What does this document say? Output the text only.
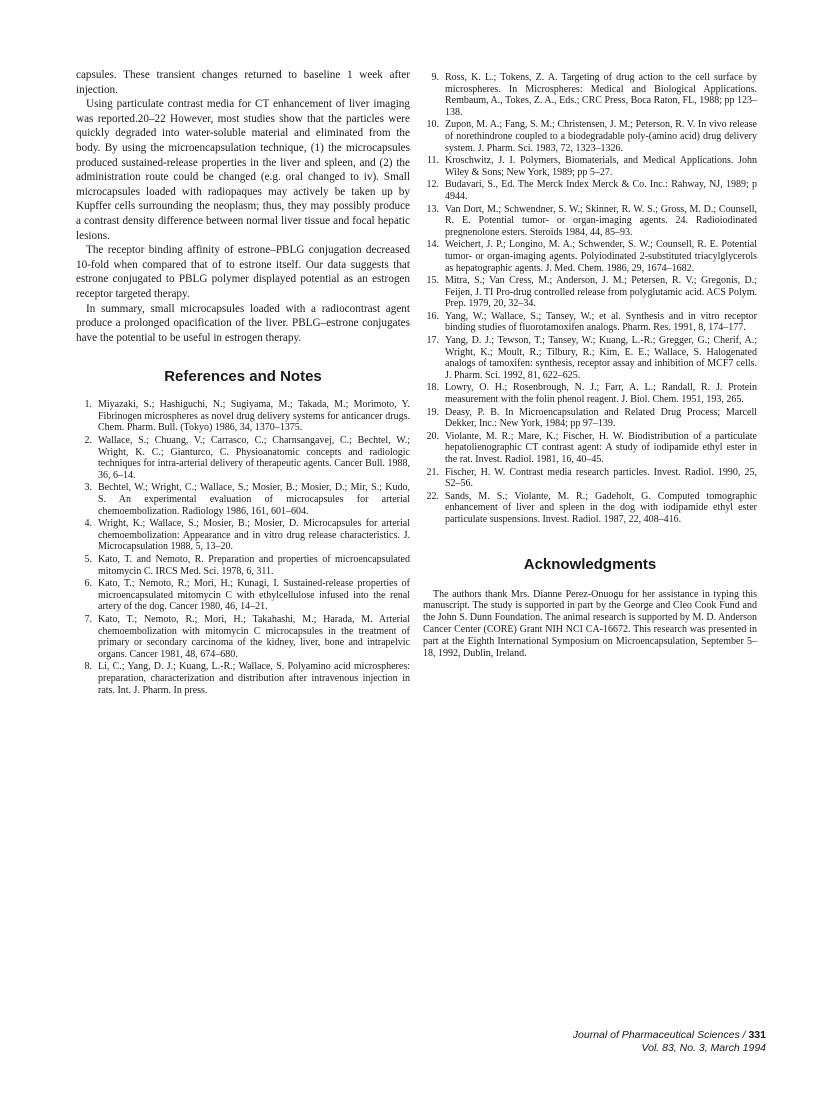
capsules. These transient changes returned to baseline 1 week after injection.

Using particulate contrast media for CT enhancement of liver imaging was reported.20–22 However, most studies show that the particles were quickly degraded into water-soluble material and eliminated from the body. By using the microencapsulation technique, (1) the microcapsules produced sustained-release properties in the liver and spleen, and (2) the administration route could be changed (e.g. oral changed to iv). Small microcapsules loaded with radiopaques may actively be taken up by Kupffer cells surrounding the neoplasm; thus, they may possibly produce a contrast density difference between normal liver tissue and focal hepatic lesions.

The receptor binding affinity of estrone–PBLG conjugation decreased 10-fold when compared that of to estrone itself. Our data suggests that estrone conjugated to PBLG polymer displayed potential as an estrogen receptor targeted therapy.

In summary, small microcapsules loaded with a radiocontrast agent produce a prolonged opacification of the liver. PBLG–estrone conjugates have the potential to be useful in estrogen therapy.

References and Notes
1. Miyazaki, S.; Hashiguchi, N.; Sugiyama, M.; Takada, M.; Morimoto, Y. Fibrinogen microspheres as novel drug delivery systems for anticancer drugs. Chem. Pharm. Bull. (Tokyo) 1986, 34, 1370–1375.
2. Wallace, S.; Chuang, V.; Carrasco, C.; Charnsangavej, C.; Bechtel, W.; Wright, K. C.; Gianturco, C. Physioanatomic concepts and radiologic techniques for intra-arterial delivery of therapeutic agents. Cancer Bull. 1988, 36, 6–14.
3. Bechtel, W.; Wright, C.; Wallace, S.; Mosier, B.; Mosier, D.; Mir, S.; Kudo, S. An experimental evaluation of microcapsules for arterial chemoembolization. Radiology 1986, 161, 601–604.
4. Wright, K.; Wallace, S.; Mosier, B.; Mosier, D. Microcapsules for arterial chemoembolization: Appearance and in vitro drug release characteristics. J. Microcapsulation 1988, 5, 13–20.
5. Kato, T. and Nemoto, R. Preparation and properties of microencapsulated mitomycin C. IRCS Med. Sci. 1978, 6, 311.
6. Kato, T.; Nemoto, R.; Mori, H.; Kunagi, I. Sustained-release properties of microencapsulated mitomycin C with ethylcellulose infused into the renal artery of the dog. Cancer 1980, 46, 14–21.
7. Kato, T.; Nemoto, R.; Mori, H.; Takahashi, M.; Harada, M. Arterial chemoembolization with mitomycin C microcapsules in the treatment of primary or secondary carcinoma of the kidney, liver, bone and intrapelvic organs. Cancer 1981, 48, 674–680.
8. Li, C.; Yang, D. J.; Kuang, L.-R.; Wallace, S. Polyamino acid microspheres: preparation, characterization and distribution after intravenous injection in rats. Int. J. Pharm. In press.
9. Ross, K. L.; Tokens, Z. A. Targeting of drug action to the cell surface by microspheres. In Microspheres: Medical and Biological Applications. Rembaum, A., Tokes, Z. A., Eds.; CRC Press, Boca Raton, FL, 1988; pp 123–138.
10. Zupon, M. A.; Fang, S. M.; Christensen, J. M.; Peterson, R. V. In vivo release of norethindrone coupled to a biodegradable poly-(amino acid) drug delivery system. J. Pharm. Sci. 1983, 72, 1323–1326.
11. Kroschwitz, J. I. Polymers, Biomaterials, and Medical Applications. John Wiley & Sons; New York, 1989; pp 5–27.
12. Budavari, S., Ed. The Merck Index Merck & Co. Inc.: Rahway, NJ, 1989; p 4944.
13. Van Dort, M.; Schwendner, S. W.; Skinner, R. W. S.; Gross, M. D.; Counsell, R. E. Potential tumor- or organ-imaging agents. 24. Radioiodinated pregnenolone esters. Steroids 1984, 44, 85–93.
14. Weichert, J. P.; Longino, M. A.; Schwender, S. W.; Counsell, R. E. Potential tumor- or organ-imaging agents. Polyiodinated 2-substituted triacylglycerols as hepatographic agents. J. Med. Chem. 1986, 29, 1674–1682.
15. Mitra, S.; Van Cress, M.; Anderson, J. M.; Petersen, R. V.; Gregonis, D.; Feijen, J. TI Pro-drug controlled release from polyglutamic acid. ACS Polym. Prep. 1979, 20, 32–34.
16. Yang, W.; Wallace, S.; Tansey, W.; et al. Synthesis and in vitro receptor binding studies of fluorotamoxifen analogs. Pharm. Res. 1991, 8, 174–177.
17. Yang, D. J.; Tewson, T.; Tansey, W.; Kuang, L.-R.; Gregger, G.; Cherif, A.; Wright, K.; Moult, R.; Tilbury, R.; Kim, E. E.; Wallace, S. Halogenated analogs of tamoxifen: synthesis, receptor assay and inhibition of MCF7 cells. J. Pharm. Sci. 1992, 81, 622–625.
18. Lowry, O. H.; Rosenbrough, N. J.; Farr, A. L.; Randall, R. J. Protein measurement with the folin phenol reagent. J. Biol. Chem. 1951, 193, 265.
19. Deasy, P. B. In Microencapsulation and Related Drug Process; Marcell Dekker, Inc.: New York, 1984; pp 97–139.
20. Violante, M. R.; Mare, K.; Fischer, H. W. Biodistribution of a particulate hepatolienographic CT contrast agent: A study of iodipamide ethyl ester in the rat. Invest. Radiol. 1981, 16, 40–45.
21. Fischer, H. W. Contrast media research particles. Invest. Radiol. 1990, 25, S2–56.
22. Sands, M. S.; Violante, M. R.; Gadeholt, G. Computed tomographic enhancement of liver and spleen in the dog with iodipamide ethyl ester particulate suspensions. Invest. Radiol. 1987, 22, 408–416.
Acknowledgments

The authors thank Mrs. Dianne Perez-Onuogu for her assistance in typing this manuscript. The study is supported in part by the George and Cleo Cook Fund and the John S. Dunn Foundation. The animal research is supported by M. D. Anderson Cancer Center (CORE) Grant NIH NCI CA-16672. This research was presented in part at the Eighth International Symposium on Microencapsulation, September 5–18, 1992, Dublin, Ireland.

Journal of Pharmaceutical Sciences / 331
Vol. 83, No. 3, March 1994
